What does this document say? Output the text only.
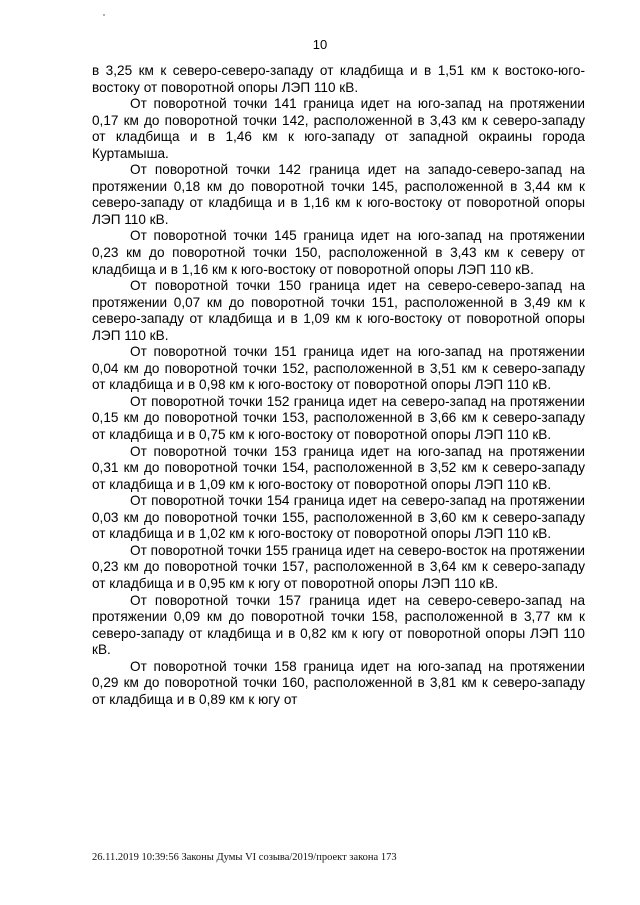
10

в 3,25 км к северо-северо-западу от кладбища и в 1,51 км к востоко-юго-востоку от поворотной опоры ЛЭП 110 кВ.

От поворотной точки 141 граница идет на юго-запад на протяжении 0,17 км до поворотной точки 142, расположенной в 3,43 км к северо-западу от кладбища и в 1,46 км к юго-западу от западной окраины города Куртамыша.

От поворотной точки 142 граница идет на западо-северо-запад на протяжении 0,18 км до поворотной точки 145, расположенной в 3,44 км к северо-западу от кладбища и в 1,16 км к юго-востоку от поворотной опоры ЛЭП 110 кВ.

От поворотной точки 145 граница идет на юго-запад на протяжении 0,23 км до поворотной точки 150, расположенной в 3,43 км к северу от кладбища и в 1,16 км к юго-востоку от поворотной опоры ЛЭП 110 кВ.

От поворотной точки 150 граница идет на северо-северо-запад на протяжении 0,07 км до поворотной точки 151, расположенной в 3,49 км к северо-западу от кладбища и в 1,09 км к юго-востоку от поворотной опоры ЛЭП 110 кВ.

От поворотной точки 151 граница идет на юго-запад на протяжении 0,04 км до поворотной точки 152, расположенной в 3,51 км к северо-западу от кладбища и в 0,98 км к юго-востоку от поворотной опоры ЛЭП 110 кВ.

От поворотной точки 152 граница идет на северо-запад на протяжении 0,15 км до поворотной точки 153, расположенной в 3,66 км к северо-западу от кладбища и в 0,75 км к юго-востоку от поворотной опоры ЛЭП 110 кВ.

От поворотной точки 153 граница идет на юго-запад на протяжении 0,31 км до поворотной точки 154, расположенной в 3,52 км к северо-западу от кладбища и в 1,09 км к юго-востоку от поворотной опоры ЛЭП 110 кВ.

От поворотной точки 154 граница идет на северо-запад на протяжении 0,03 км до поворотной точки 155, расположенной в 3,60 км к северо-западу от кладбища и в 1,02 км к юго-востоку от поворотной опоры ЛЭП 110 кВ.

От поворотной точки 155 граница идет на северо-восток на протяжении 0,23 км до поворотной точки 157, расположенной в 3,64 км к северо-западу от кладбища и в 0,95 км к югу от поворотной опоры ЛЭП 110 кВ.

От поворотной точки 157 граница идет на северо-северо-запад на протяжении 0,09 км до поворотной точки 158, расположенной в 3,77 км к северо-западу от кладбища и в 0,82 км к югу от поворотной опоры ЛЭП 110 кВ.

От поворотной точки 158 граница идет на юго-запад на протяжении 0,29 км до поворотной точки 160, расположенной в 3,81 км к северо-западу от кладбища и в 0,89 км к югу от

26.11.2019 10:39:56 Законы Думы VI созыва/2019/проект закона 173
